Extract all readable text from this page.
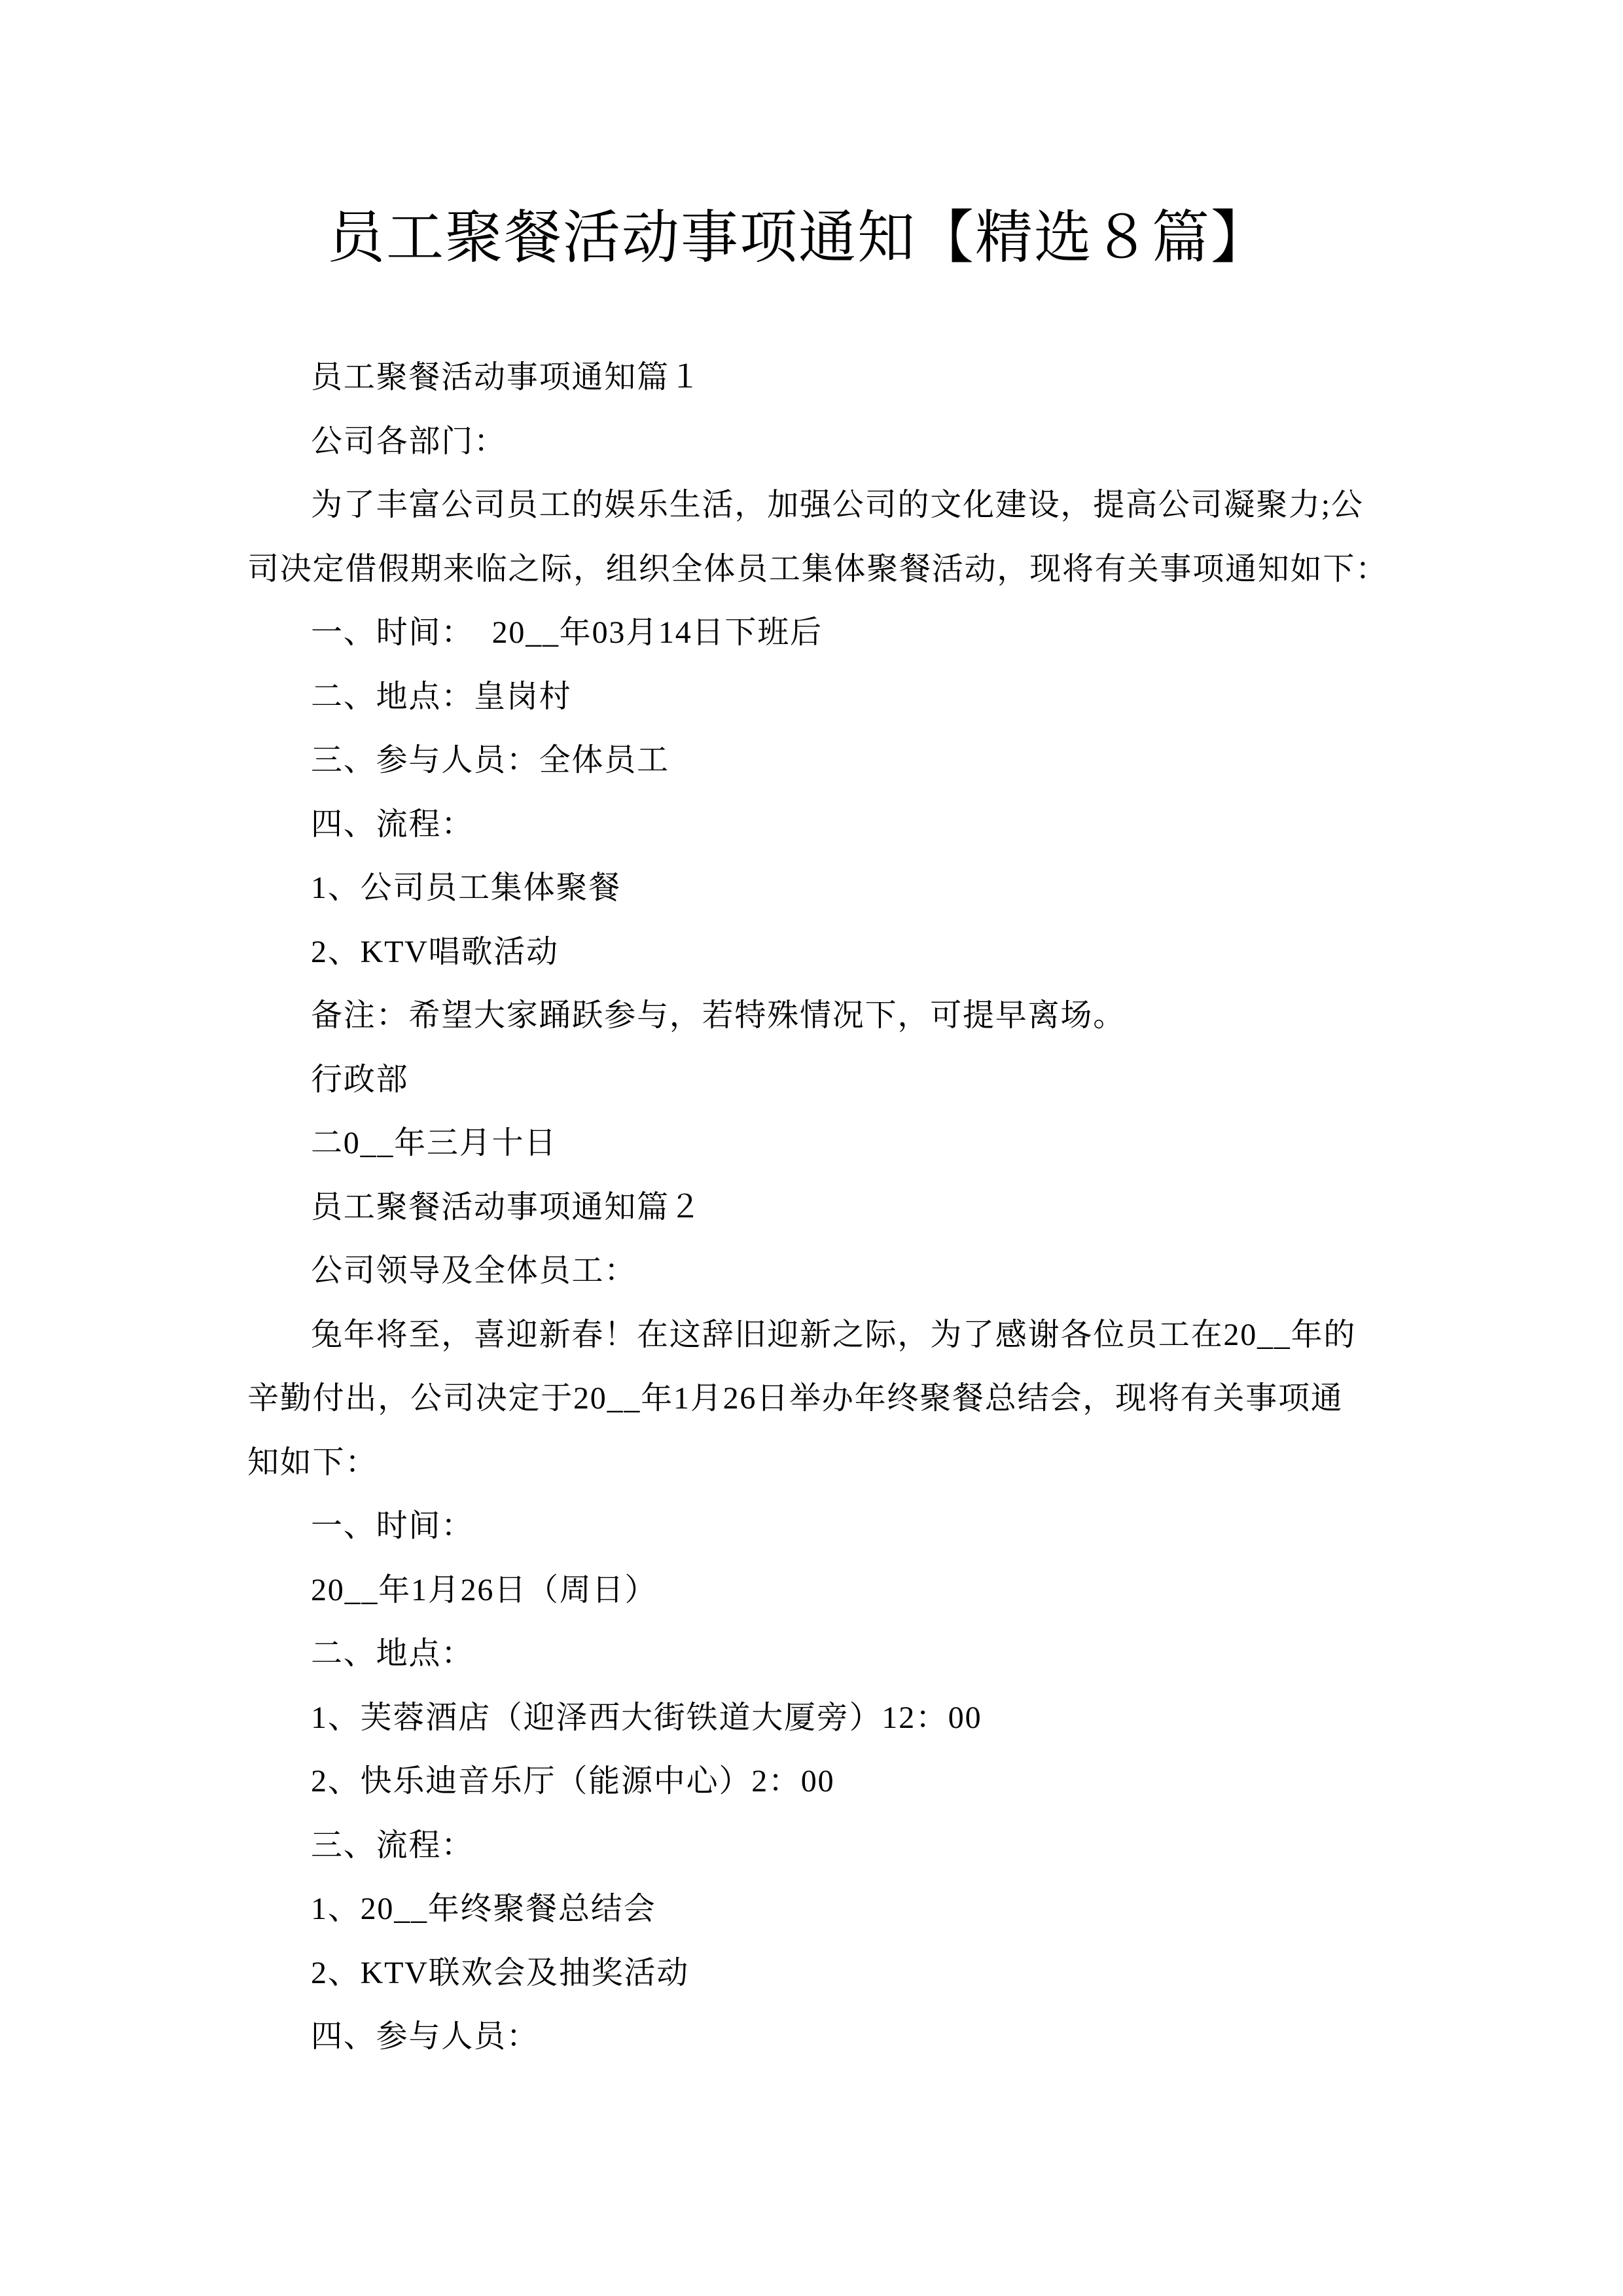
员工聚餐活动事项通知【精选８篇】
员工聚餐活动事项通知篇１
公司各部门：
为了丰富公司员工的娱乐生活，加强公司的文化建设，提高公司凝聚力;公
司决定借假期来临之际，组织全体员工集体聚餐活动，现将有关事项通知如下：
一、时间：  20__年03月14日下班后
二、地点：皇岗村
三、参与人员：全体员工
四、流程：
1、公司员工集体聚餐
2、KTV唱歌活动
备注：希望大家踊跃参与，若特殊情况下，可提早离场。
行政部
二0__年三月十日
员工聚餐活动事项通知篇２
公司领导及全体员工：
兔年将至，喜迎新春！在这辞旧迎新之际，为了感谢各位员工在20__年的
辛勤付出，公司决定于20__年1月26日举办年终聚餐总结会，现将有关事项通
知如下：
一、时间：
20__年1月26日（周日）
二、地点：
1、芙蓉酒店（迎泽西大街铁道大厦旁）12：00
2、快乐迪音乐厅（能源中心）2：00
三、流程：
1、20__年终聚餐总结会
2、KTV联欢会及抽奖活动
四、参与人员：
